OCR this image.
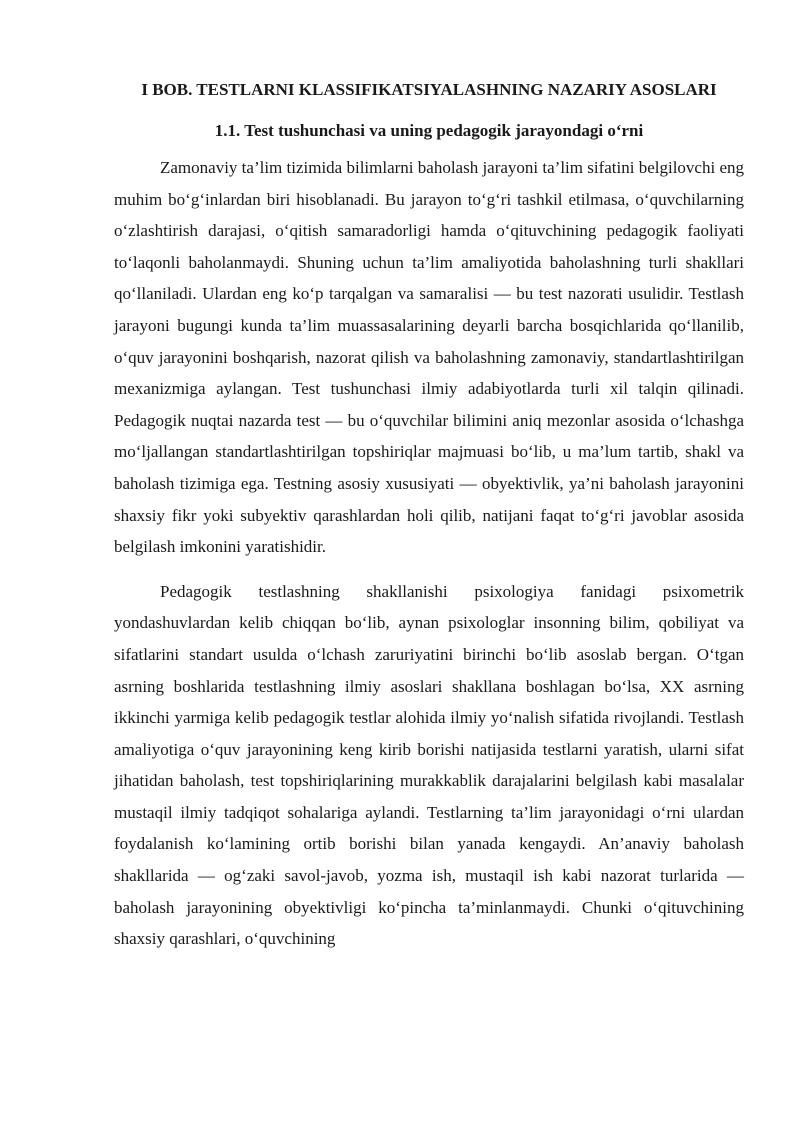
I BOB. TESTLARNI KLASSIFIKATSIYALASHNING NAZARIY ASOSLARI
1.1. Test tushunchasi va uning pedagogik jarayondagi o‘rni

Zamonaviy ta’lim tizimida bilimlarni baholash jarayoni ta’lim sifatini belgilovchi eng muhim bo‘g‘inlardan biri hisoblanadi. Bu jarayon to‘g‘ri tashkil etilmasa, o‘quvchilarning o‘zlashtirish darajasi, o‘qitish samaradorligi hamda o‘qituvchining pedagogik faoliyati to‘laqonli baholanmaydi. Shuning uchun ta’lim amaliyotida baholashning turli shakllari qo‘llaniladi. Ulardan eng ko‘p tarqalgan va samaralisi — bu test nazorati usulidir. Testlash jarayoni bugungi kunda ta’lim muassasalarining deyarli barcha bosqichlarida qo‘llanilib, o‘quv jarayonini boshqarish, nazorat qilish va baholashning zamonaviy, standartlashtirilgan mexanizmiga aylangan. Test tushunchasi ilmiy adabiyotlarda turli xil talqin qilinadi. Pedagogik nuqtai nazarda test — bu o‘quvchilar bilimini aniq mezonlar asosida o‘lchashga mo‘ljallangan standartlashtirilgan topshiriqlar majmuasi bo‘lib, u ma’lum tartib, shakl va baholash tizimiga ega. Testning asosiy xususiyati — obyektivlik, ya’ni baholash jarayonini shaxsiy fikr yoki subyektiv qarashlardan holi qilib, natijani faqat to‘g‘ri javoblar asosida belgilash imkonini yaratishidir.

Pedagogik testlashning shakllanishi psixologiya fanidagi psixometrik yondashuvlardan kelib chiqqan bo‘lib, aynan psixologlar insonning bilim, qobiliyat va sifatlarini standart usulda o‘lchash zaruriyatini birinchi bo‘lib asoslab bergan. O‘tgan asrning boshlarida testlashning ilmiy asoslari shakllana boshlagan bo‘lsa, XX asrning ikkinchi yarmiga kelib pedagogik testlar alohida ilmiy yo‘nalish sifatida rivojlandi. Testlash amaliyotiga o‘quv jarayonining keng kirib borishi natijasida testlarni yaratish, ularni sifat jihatidan baholash, test topshiriqlarining murakkablik darajalarini belgilash kabi masalalar mustaqil ilmiy tadqiqot sohalariga aylandi. Testlarning ta’lim jarayonidagi o‘rni ulardan foydalanish ko‘lamining ortib borishi bilan yanada kengaydi. An’anaviy baholash shakllarida — og‘zaki savol-javob, yozma ish, mustaqil ish kabi nazorat turlarida — baholash jarayonining obyektivligi ko‘pincha ta’minlanmaydi. Chunki o‘qituvchining shaxsiy qarashlari, o‘quvchining
